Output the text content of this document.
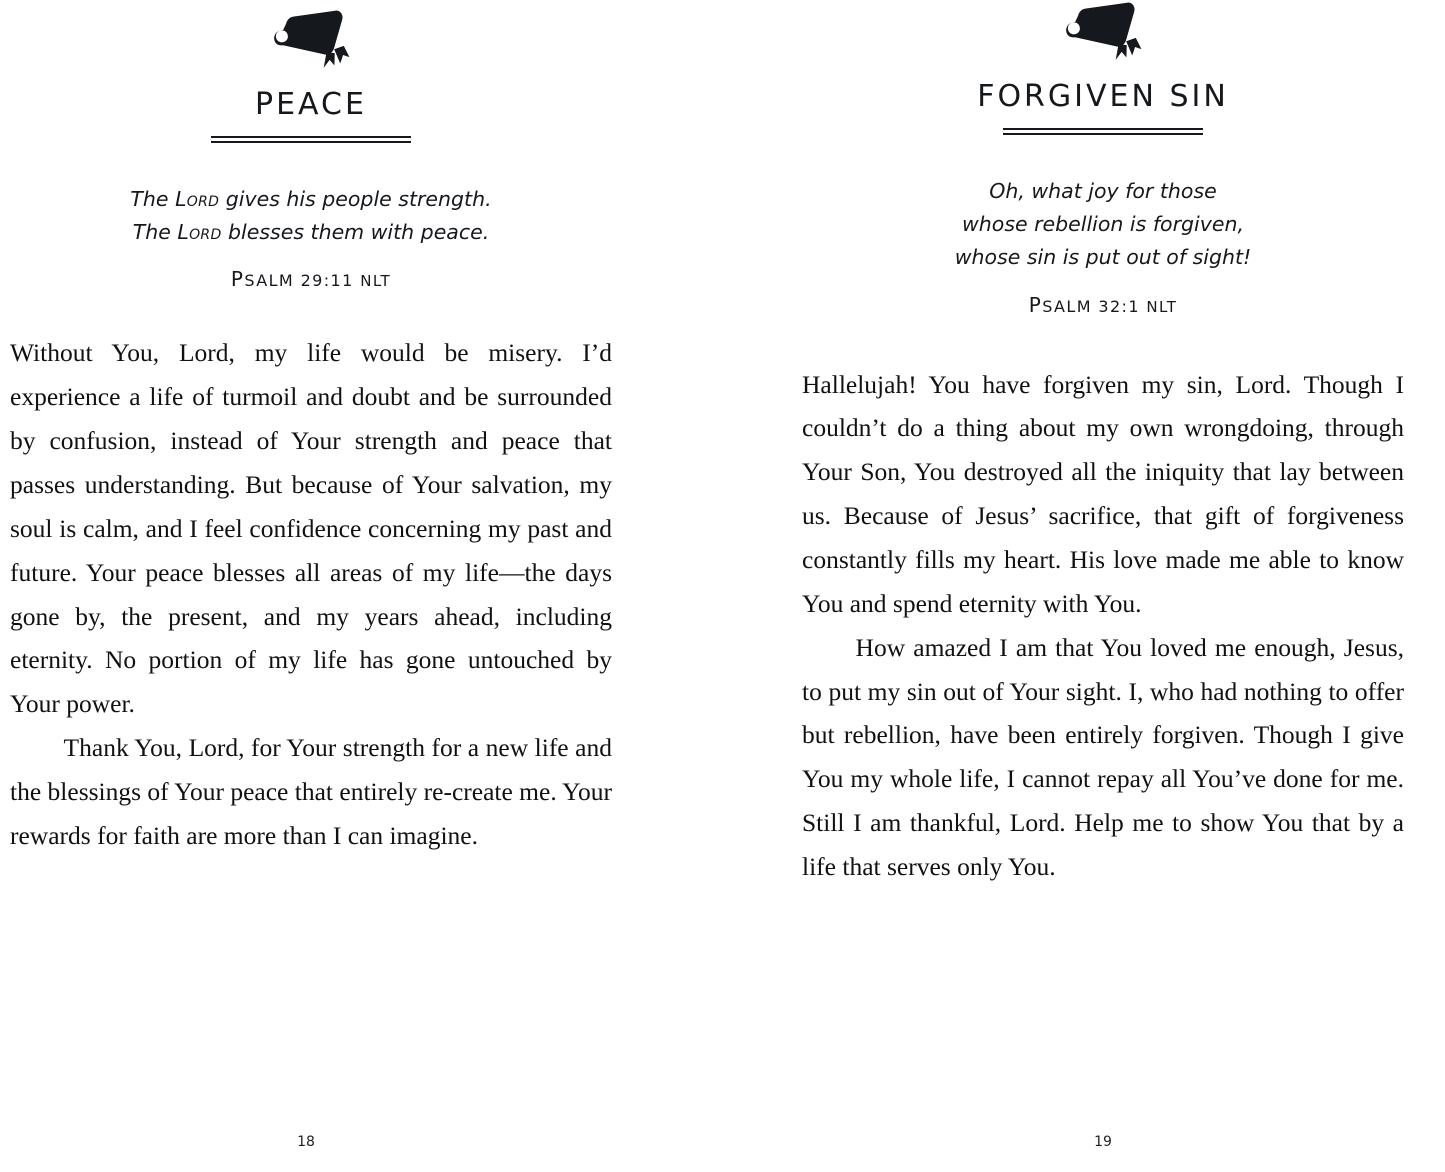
PEACE
The Lord gives his people strength.
The Lord blesses them with peace.
PSALM 29:11 NLT

Without You, Lord, my life would be misery. I’d experience a life of turmoil and doubt and be surrounded by confusion, instead of Your strength and peace that passes understanding. But because of Your salvation, my soul is calm, and I feel confidence concerning my past and future. Your peace blesses all areas of my life—the days gone by, the present, and my years ahead, including eternity. No portion of my life has gone untouched by Your power.

Thank You, Lord, for Your strength for a new life and the blessings of Your peace that entirely re-create me. Your rewards for faith are more than I can imagine.

18
FORGIVEN SIN
Oh, what joy for those
whose rebellion is forgiven,
whose sin is put out of sight!
PSALM 32:1 NLT

Hallelujah! You have forgiven my sin, Lord. Though I couldn’t do a thing about my own wrongdoing, through Your Son, You destroyed all the iniquity that lay between us. Because of Jesus’ sacrifice, that gift of forgiveness constantly fills my heart. His love made me able to know You and spend eternity with You.

How amazed I am that You loved me enough, Jesus, to put my sin out of Your sight. I, who had nothing to offer but rebellion, have been entirely forgiven. Though I give You my whole life, I cannot repay all You’ve done for me. Still I am thankful, Lord. Help me to show You that by a life that serves only You.

19
